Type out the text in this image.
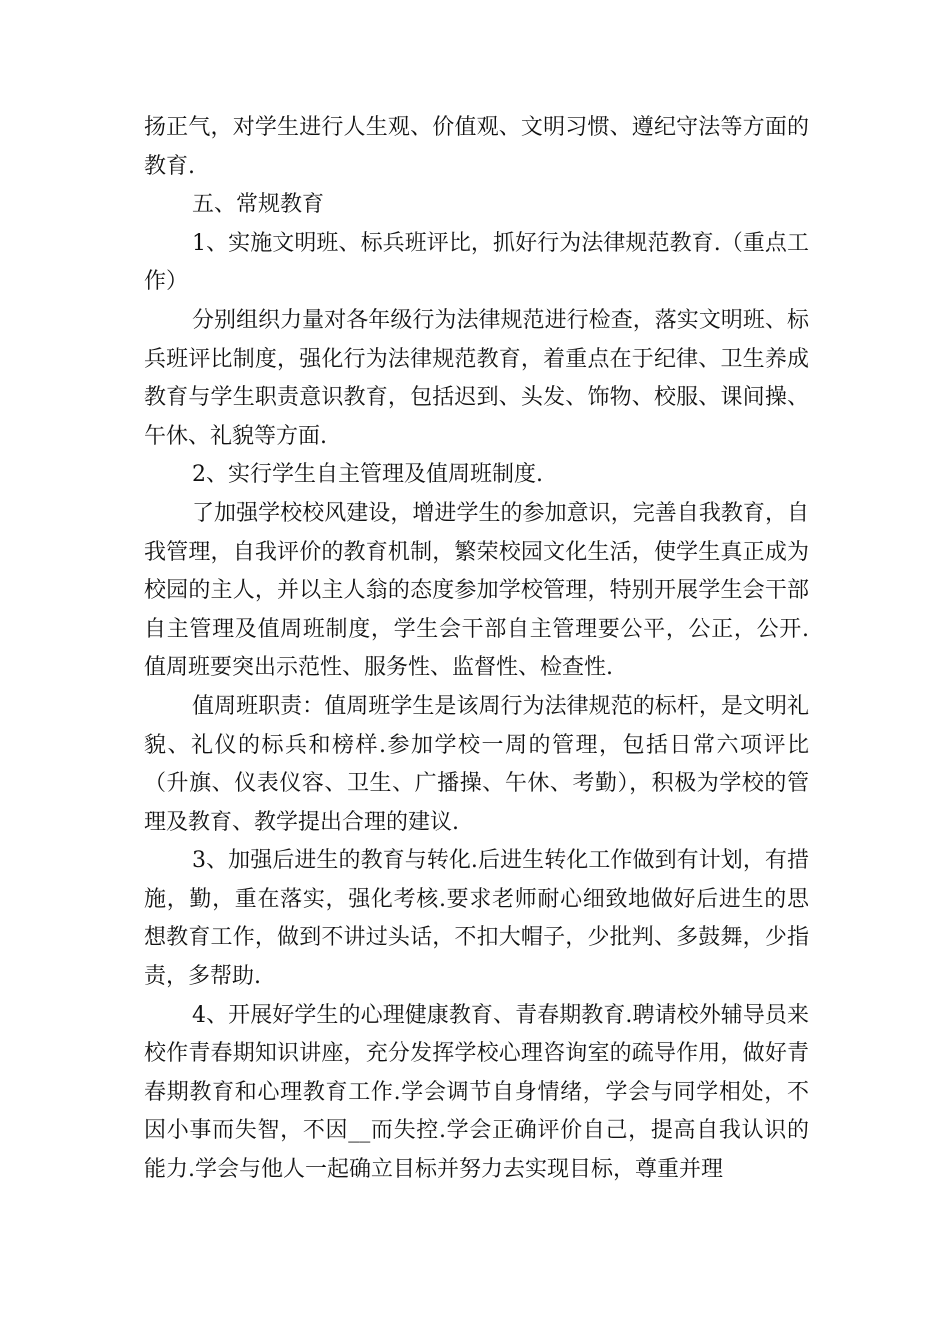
扬正气，对学生进行人生观、价值观、文明习惯、遵纪守法等方面的教育.

五、常规教育

1、实施文明班、标兵班评比，抓好行为法律规范教育.（重点工作）

分别组织力量对各年级行为法律规范进行检查，落实文明班、标兵班评比制度，强化行为法律规范教育，着重点在于纪律、卫生养成教育与学生职责意识教育，包括迟到、头发、饰物、校服、课间操、午休、礼貌等方面.

2、实行学生自主管理及值周班制度.

了加强学校校风建设，增进学生的参加意识，完善自我教育，自我管理，自我评价的教育机制，繁荣校园文化生活，使学生真正成为校园的主人，并以主人翁的态度参加学校管理，特别开展学生会干部自主管理及值周班制度，学生会干部自主管理要公平，公正，公开.值周班要突出示范性、服务性、监督性、检查性.

值周班职责：值周班学生是该周行为法律规范的标杆，是文明礼貌、礼仪的标兵和榜样.参加学校一周的管理，包括日常六项评比（升旗、仪表仪容、卫生、广播操、午休、考勤），积极为学校的管理及教育、教学提出合理的建议.

3、加强后进生的教育与转化.后进生转化工作做到有计划，有措施，勤，重在落实，强化考核.要求老师耐心细致地做好后进生的思想教育工作，做到不讲过头话，不扣大帽子，少批判、多鼓舞，少指责，多帮助.

4、开展好学生的心理健康教育、青春期教育.聘请校外辅导员来校作青春期知识讲座，充分发挥学校心理咨询室的疏导作用，做好青春期教育和心理教育工作.学会调节自身情绪，学会与同学相处，不因小事而失智，不因__而失控.学会正确评价自己，提高自我认识的能力.学会与他人一起确立目标并努力去实现目标，尊重并理
